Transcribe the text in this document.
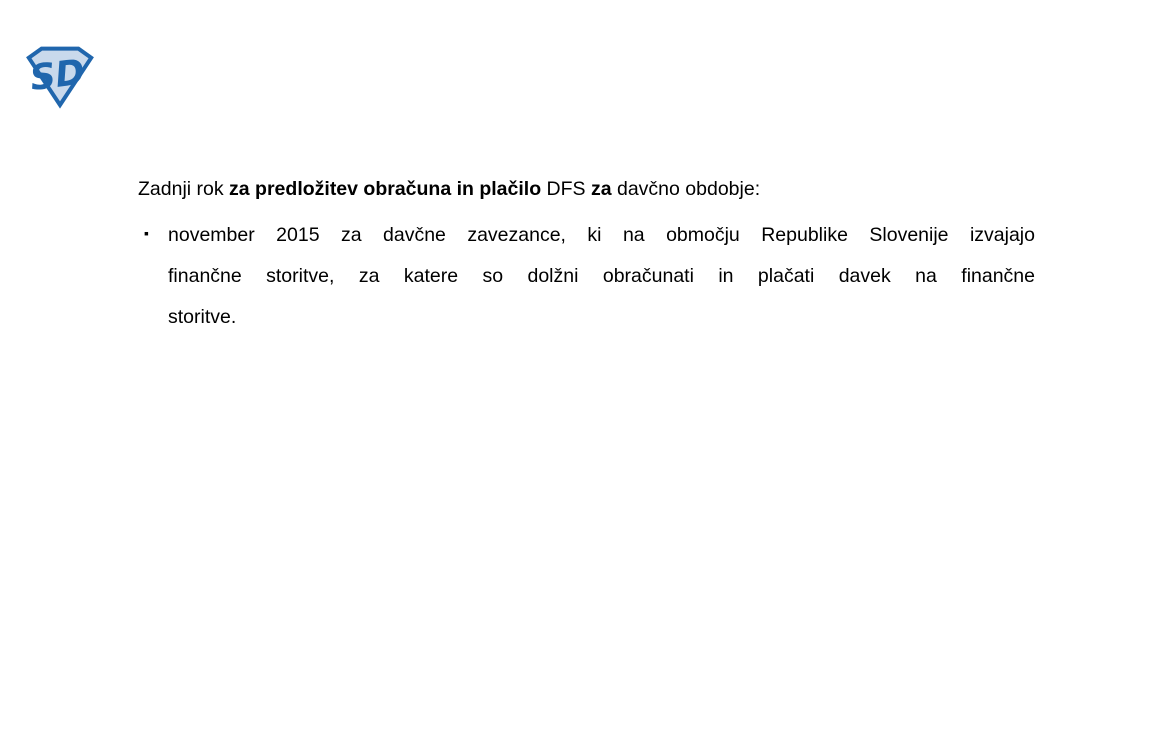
SD

Zadnji rok za predložitev obračuna in plačilo DFS za davčno obdobje:

▪ november 2015 za davčne zavezance, ki na območju Republike Slovenije izvajajo
finančne storitve, za katere so dolžni obračunati in plačati davek na finančne
storitve.
